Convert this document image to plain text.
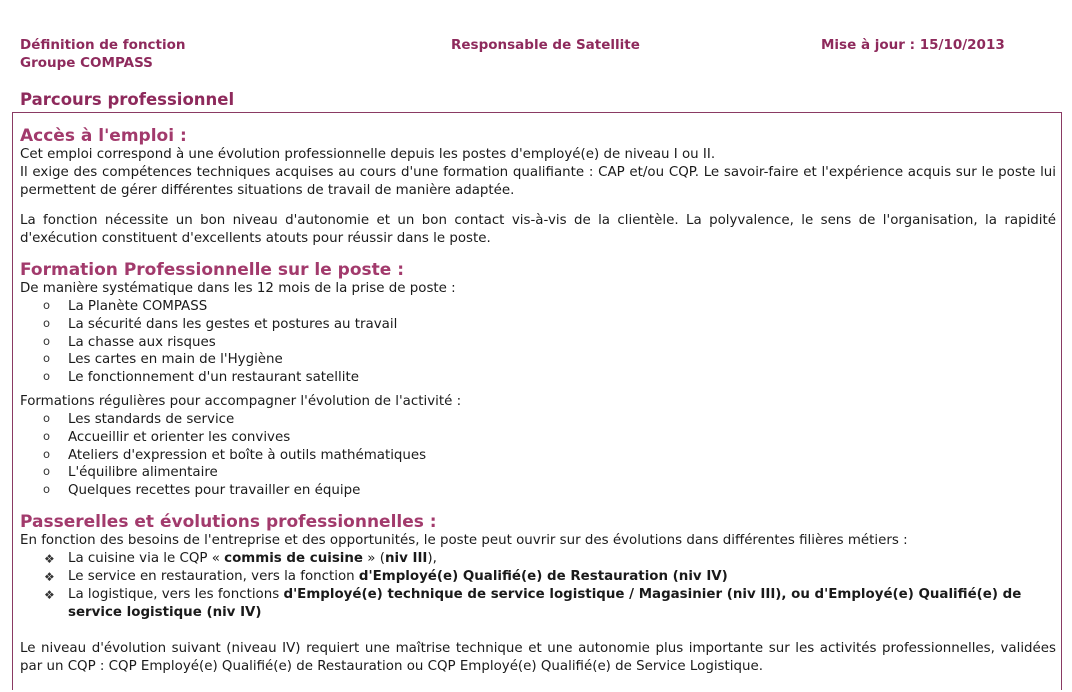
Définition de fonction
Groupe COMPASS
Responsable de Satellite	Mise à jour : 15/10/2013
Parcours professionnel
Accès à l'emploi :

Cet emploi correspond à une évolution professionnelle depuis les postes d'employé(e) de niveau I ou II.

Il exige des compétences techniques acquises au cours d'une formation qualifiante : CAP et/ou CQP. Le savoir-faire et l'expérience acquis sur le poste lui permettent de gérer différentes situations de travail de manière adaptée.

La fonction nécessite un bon niveau d'autonomie et un bon contact vis-à-vis de la clientèle. La polyvalence, le sens de l'organisation, la rapidité d'exécution constituent d'excellents atouts pour réussir dans le poste.

Formation Professionnelle sur le poste :

De manière systématique dans les 12 mois de la prise de poste :

o La Planète COMPASS
o La sécurité dans les gestes et postures au travail
o La chasse aux risques
o Les cartes en main de l'Hygiène
o Le fonctionnement d'un restaurant satellite

Formations régulières pour accompagner l'évolution de l'activité :

o Les standards de service
o Accueillir et orienter les convives
o Ateliers d'expression et boîte à outils mathématiques
o L'équilibre alimentaire
o Quelques recettes pour travailler en équipe
Passerelles et évolutions professionnelles :

En fonction des besoins de l'entreprise et des opportunités, le poste peut ouvrir sur des évolutions dans différentes filières métiers :

❖ La cuisine via le CQP « commis de cuisine » (niv III),
❖ Le service en restauration, vers la fonction d'Employé(e) Qualifié(e) de Restauration (niv IV)
❖ La logistique, vers les fonctions d'Employé(e) technique de service logistique / Magasinier (niv III), ou d'Employé(e) Qualifié(e) de service logistique (niv IV)

Le niveau d'évolution suivant (niveau IV) requiert une maîtrise technique et une autonomie plus importante sur les activités professionnelles, validées par un CQP : CQP Employé(e) Qualifié(e) de Restauration ou CQP Employé(e) Qualifié(e) de Service Logistique.
